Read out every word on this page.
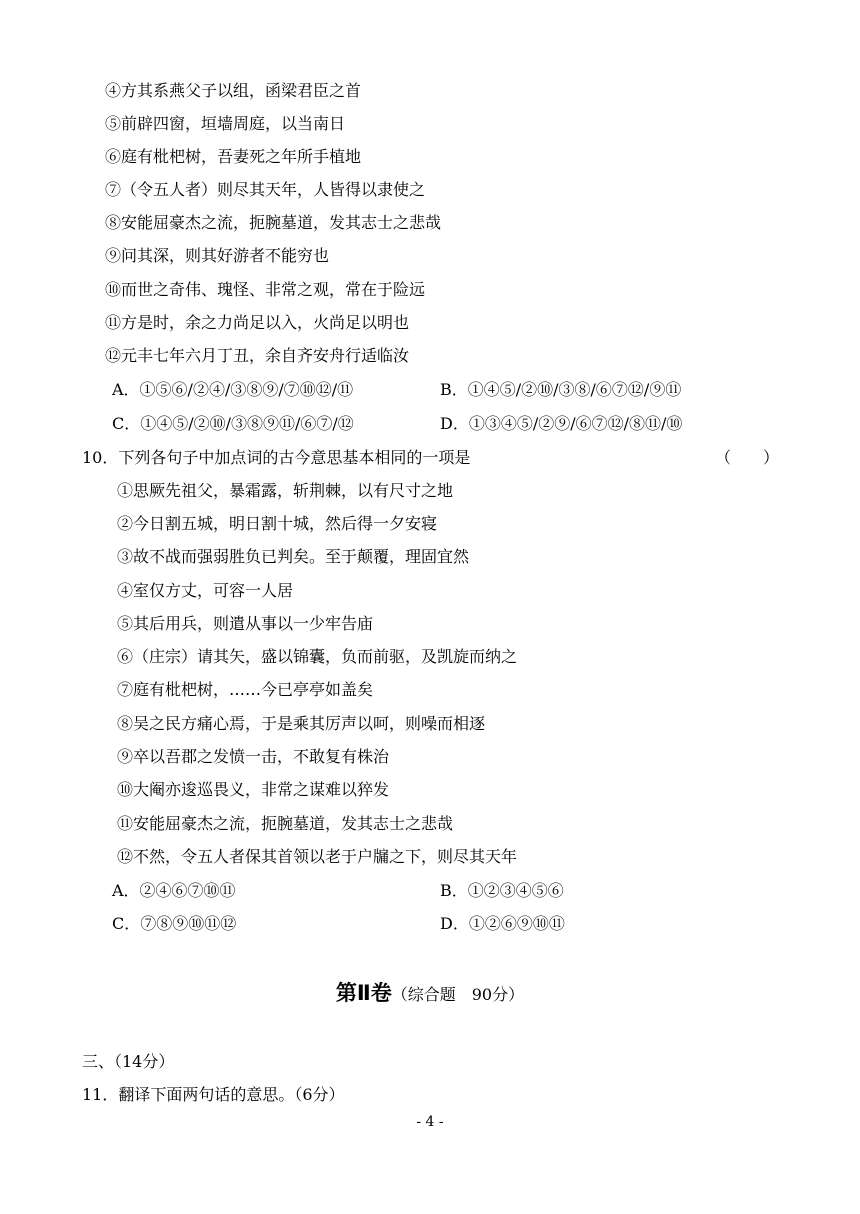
④方其系燕父子以组，函梁君臣之首
⑤前辟四窗，垣墙周庭，以当南日
⑥庭有枇杷树，吾妻死之年所手植地
⑦（令五人者）则尽其天年，人皆得以隶使之
⑧安能屈豪杰之流，扼腕墓道，发其志士之悲哉
⑨问其深，则其好游者不能穷也
⑩而世之奇伟、瑰怪、非常之观，常在于险远
⑪方是时，余之力尚足以入，火尚足以明也
⑫元丰七年六月丁丑，余自齐安舟行适临汝
A．①⑤⑥/②④/③⑧⑨/⑦⑩⑫/⑪	B．①④⑤/②⑩/③⑧/⑥⑦⑫/⑨⑪
C．①④⑤/②⑩/③⑧⑨⑪/⑥⑦/⑫	D．①③④⑤/②⑨/⑥⑦⑫/⑧⑪/⑩
10．下列各句子中加点词的古今意思基本相同的一项是	（　　）
①思厥先祖父，暴霜露，斩荆棘，以有尺寸之地
②今日割五城，明日割十城，然后得一夕安寝
③故不战而强弱胜负已判矣。至于颠覆，理固宜然
④室仅方丈，可容一人居
⑤其后用兵，则遣从事以一少牢告庙
⑥（庄宗）请其矢，盛以锦囊，负而前驱，及凯旋而纳之
⑦庭有枇杷树，……今已亭亭如盖矣
⑧吴之民方痛心焉，于是乘其厉声以呵，则噪而相逐
⑨卒以吾郡之发愤一击，不敢复有株治
⑩大阉亦逡巡畏义，非常之谋难以猝发
⑪安能屈豪杰之流，扼腕墓道，发其志士之悲哉
⑫不然，令五人者保其首领以老于户牖之下，则尽其天年
A．②④⑥⑦⑩⑪	B．①②③④⑤⑥
C．⑦⑧⑨⑩⑪⑫	D．①②⑥⑨⑩⑪
第Ⅱ卷（综合题　90分）
三、（14分）
11．翻译下面两句话的意思。（6分）
- 4 -
